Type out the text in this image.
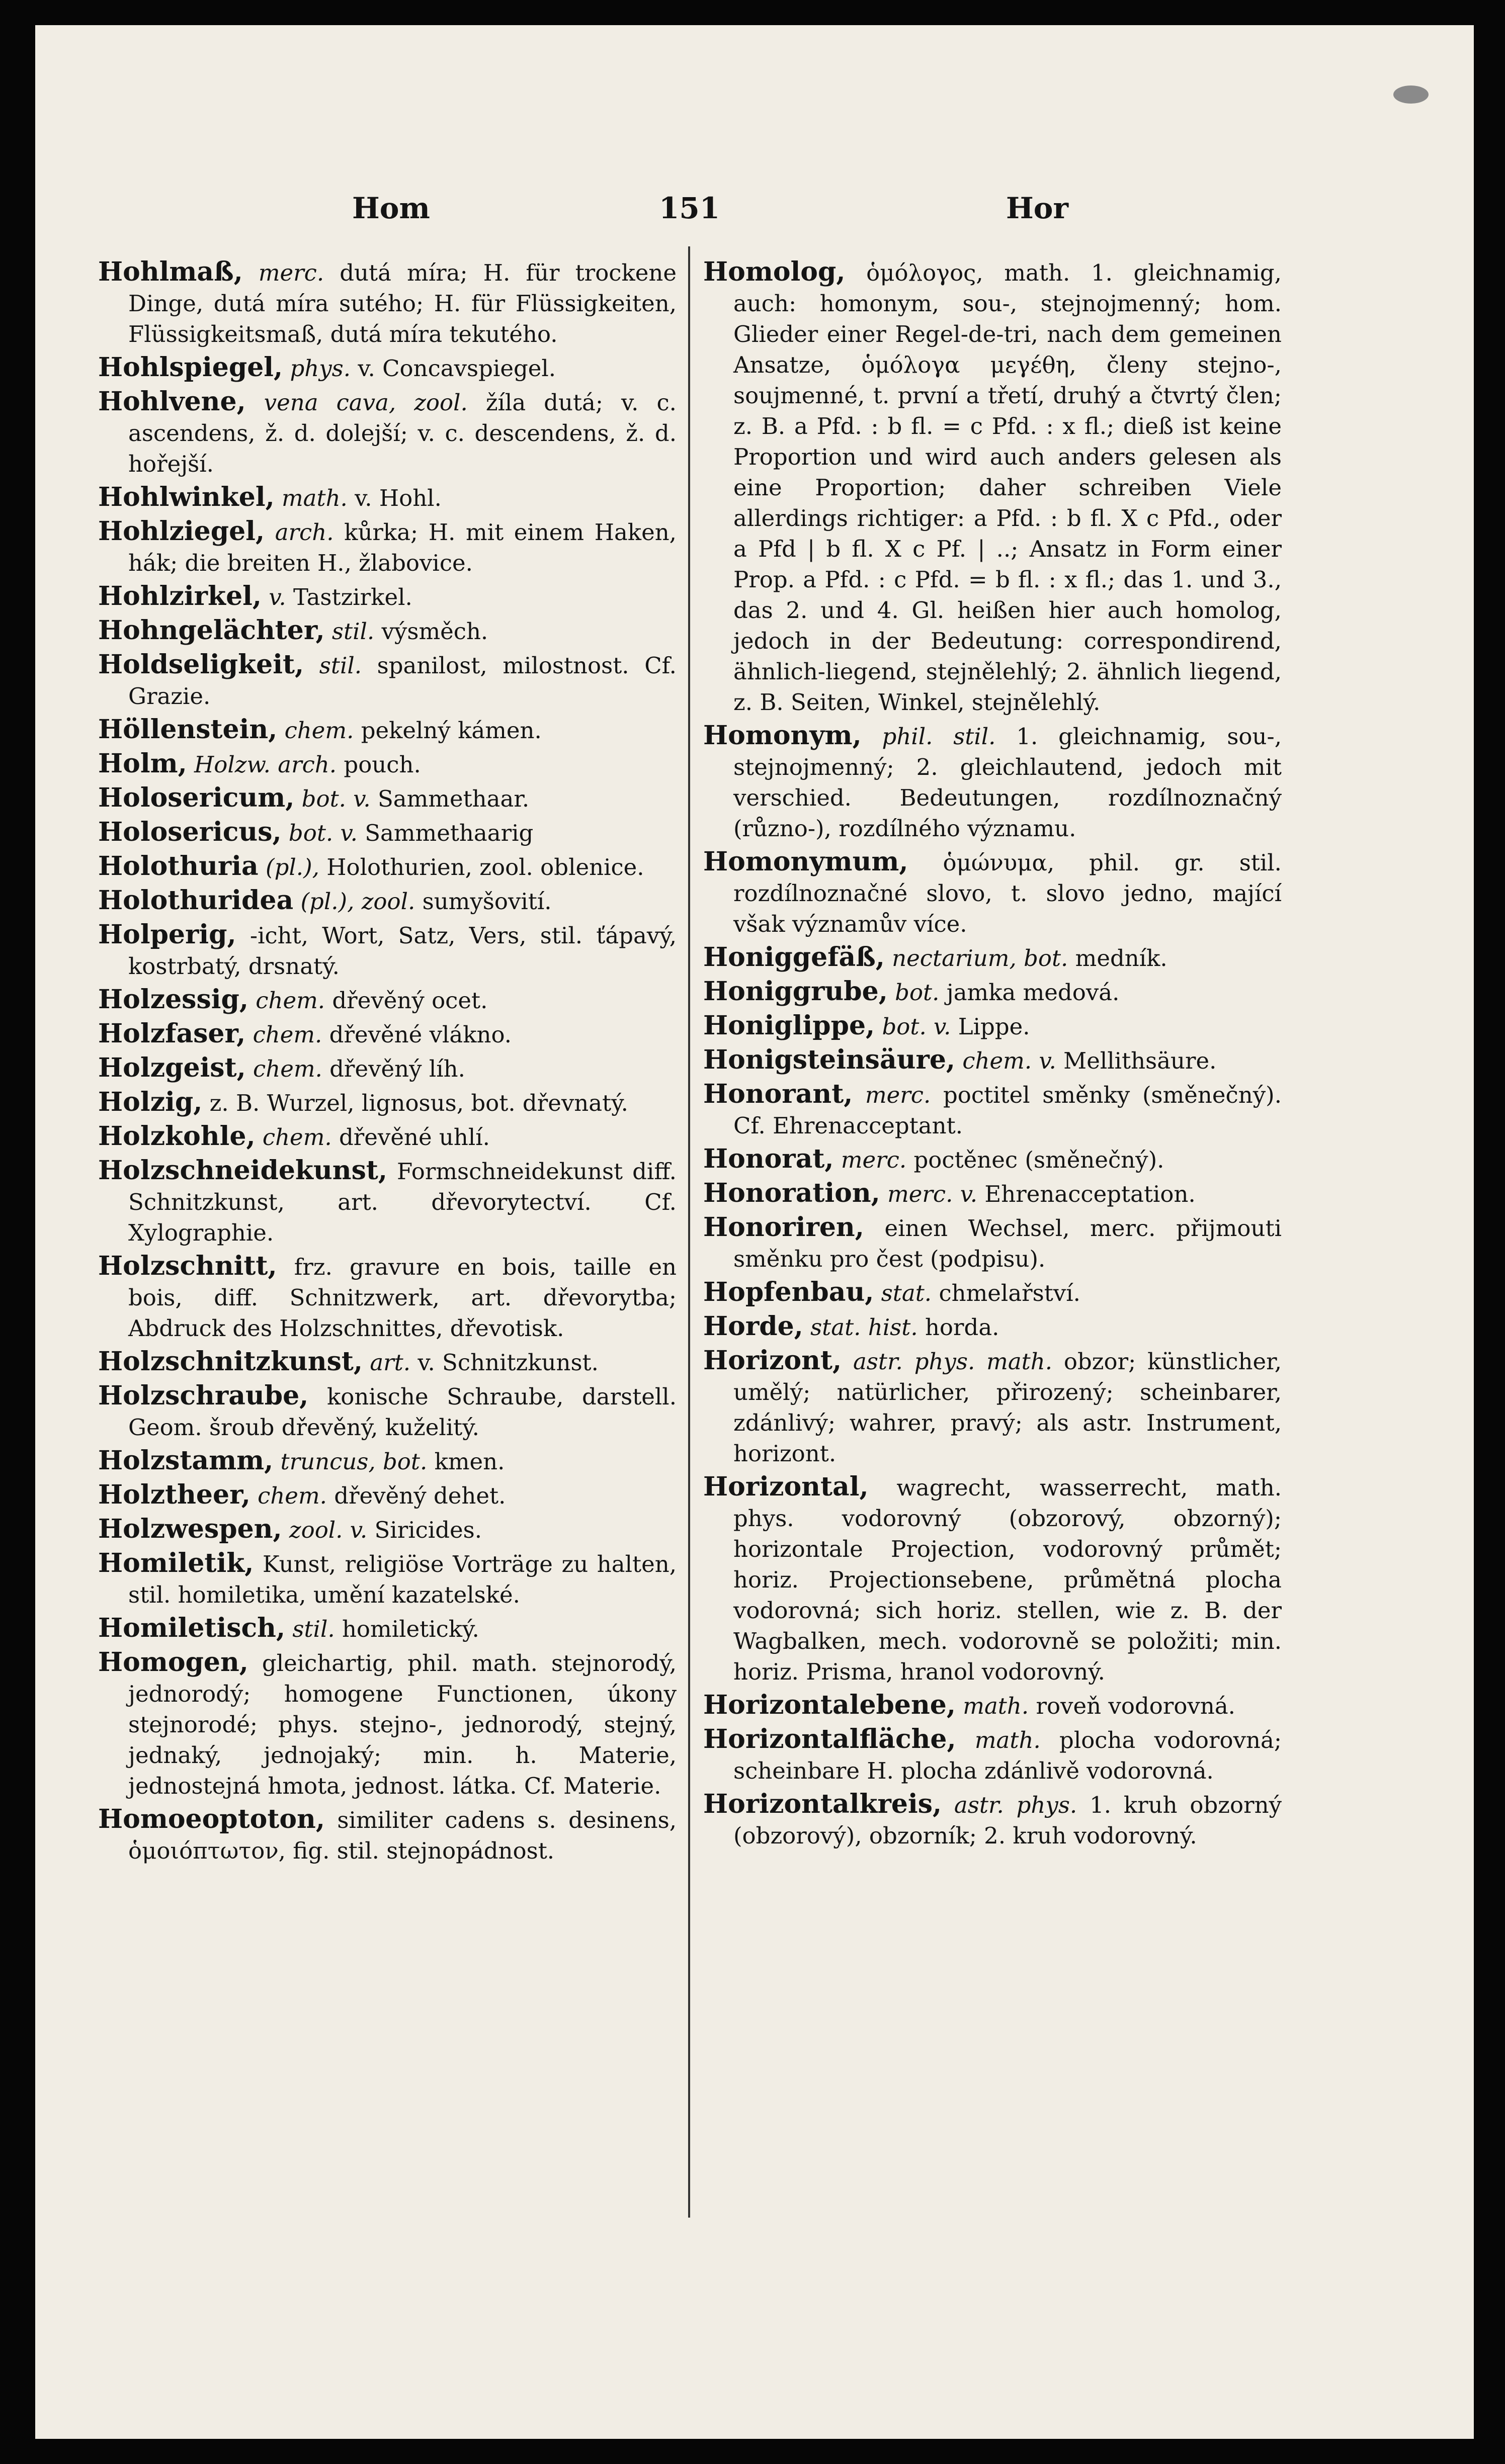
Hom	151	Hor

Hohlmaß, merc. dutá míra; H. für trockene Dinge, dutá míra sutého; H. für Flüssigkeiten, Flüssigkeitsmaß, dutá míra tekutého.

Hohlspiegel, phys. v. Concavspiegel.

Hohlvene, vena cava, zool. žíla dutá; v. c. ascendens, ž. d. dolejší; v. c. descendens, ž. d. hořejší.

Hohlwinkel, math. v. Hohl.

Hohlziegel, arch. kůrka; H. mit einem Haken, hák; die breiten H., žlabovice.

Hohlzirkel, v. Tastzirkel.

Hohngelächter, stil. výsměch.

Holdseligkeit, stil. spanilost, milostnost. Cf. Grazie.

Höllenstein, chem. pekelný kámen.

Holm, Holzw. arch. pouch.

Holosericum, bot. v. Sammethaar.

Holosericus, bot. v. Sammethaarig

Holothuria (pl.), Holothurien, zool. oblenice.

Holothuridea (pl.), zool. sumyšovití.

Holperig, -icht, Wort, Satz, Vers, stil. ťápavý, kostrbatý, drsnatý.

Holzessig, chem. dřevěný ocet.

Holzfaser, chem. dřevěné vlákno.

Holzgeist, chem. dřevěný líh.

Holzig, z. B. Wurzel, lignosus, bot. dřevnatý.

Holzkohle, chem. dřevěné uhlí.

Holzschneidekunst, Formschneidekunst diff. Schnitzkunst, art. dřevorytectví. Cf. Xylographie.

Holzschnitt, frz. gravure en bois, taille en bois, diff. Schnitzwerk, art. dřevorytba; Abdruck des Holzschnittes, dřevotisk.

Holzschnitzkunst, art. v. Schnitzkunst.

Holzschraube, konische Schraube, darstell. Geom. šroub dřevěný, kuželitý.

Holzstamm, truncus, bot. kmen.

Holztheer, chem. dřevěný dehet.

Holzwespen, zool. v. Siricides.

Homiletik, Kunst, religiöse Vorträge zu halten, stil. homiletika, umění kazatelské.

Homiletisch, stil. homiletický.

Homogen, gleichartig, phil. math. stejnorodý, jednorodý; homogene Functionen, úkony stejnorodé; phys. stejno-, jednorodý, stejný, jednaký, jednojaký; min. h. Materie, jednostejná hmota, jednost. látka. Cf. Materie.

Homoeoptoton, similiter cadens s. desinens, ὁμοιόπτωτον, fig. stil. stejnopádnost.

Homolog, ὁμόλογος, math. 1. gleichnamig, auch: homonym, sou-, stejnojmenný; hom. Glieder einer Regel-de-tri, nach dem gemeinen Ansatze, ὁμόλογα μεγέθη, členy stejno-, soujmenné, t. první a třetí, druhý a čtvrtý člen; z. B. a Pfd. : b fl. = c Pfd. : x fl.; dieß ist keine Proportion und wird auch anders gelesen als eine Proportion; daher schreiben Viele allerdings richtiger: a Pfd. : b fl. X c Pfd., oder a Pfd | b fl. X c Pf. | ..; Ansatz in Form einer Prop. a Pfd. : c Pfd. = b fl. : x fl.; das 1. und 3., das 2. und 4. Gl. heißen hier auch homolog, jedoch in der Bedeutung: correspondirend, ähnlich-liegend, stejnělehlý; 2. ähnlich liegend, z. B. Seiten, Winkel, stejnělehlý.

Homonym, phil. stil. 1. gleichnamig, sou-, stejnojmenný; 2. gleichlautend, jedoch mit verschied. Bedeutungen, rozdílnoznačný (různo-), rozdílného významu.

Homonymum, ὁμώνυμα, phil. gr. stil. rozdílnoznačné slovo, t. slovo jedno, mající však významův více.

Honiggefäß, nectarium, bot. medník.

Honiggrube, bot. jamka medová.

Honiglippe, bot. v. Lippe.

Honigsteinsäure, chem. v. Mellithsäure.

Honorant, merc. poctitel směnky (směnečný). Cf. Ehrenacceptant.

Honorat, merc. poctěnec (směnečný).

Honoration, merc. v. Ehrenacceptation.

Honoriren, einen Wechsel, merc. přijmouti směnku pro čest (podpisu).

Hopfenbau, stat. chmelařství.

Horde, stat. hist. horda.

Horizont, astr. phys. math. obzor; künstlicher, umělý; natürlicher, přirozený; scheinbarer, zdánlivý; wahrer, pravý; als astr. Instrument, horizont.

Horizontal, wagrecht, wasserrecht, math. phys. vodorovný (obzorový, obzorný); horizontale Projection, vodorovný průmět; horiz. Projectionsebene, průmětná plocha vodorovná; sich horiz. stellen, wie z. B. der Wagbalken, mech. vodorovně se položiti; min. horiz. Prisma, hranol vodorovný.

Horizontalebene, math. roveň vodorovná.

Horizontalfläche, math. plocha vodorovná; scheinbare H. plocha zdánlivě vodorovná.

Horizontalkreis, astr. phys. 1. kruh obzorný (obzorový), obzorník; 2. kruh vodorovný.
